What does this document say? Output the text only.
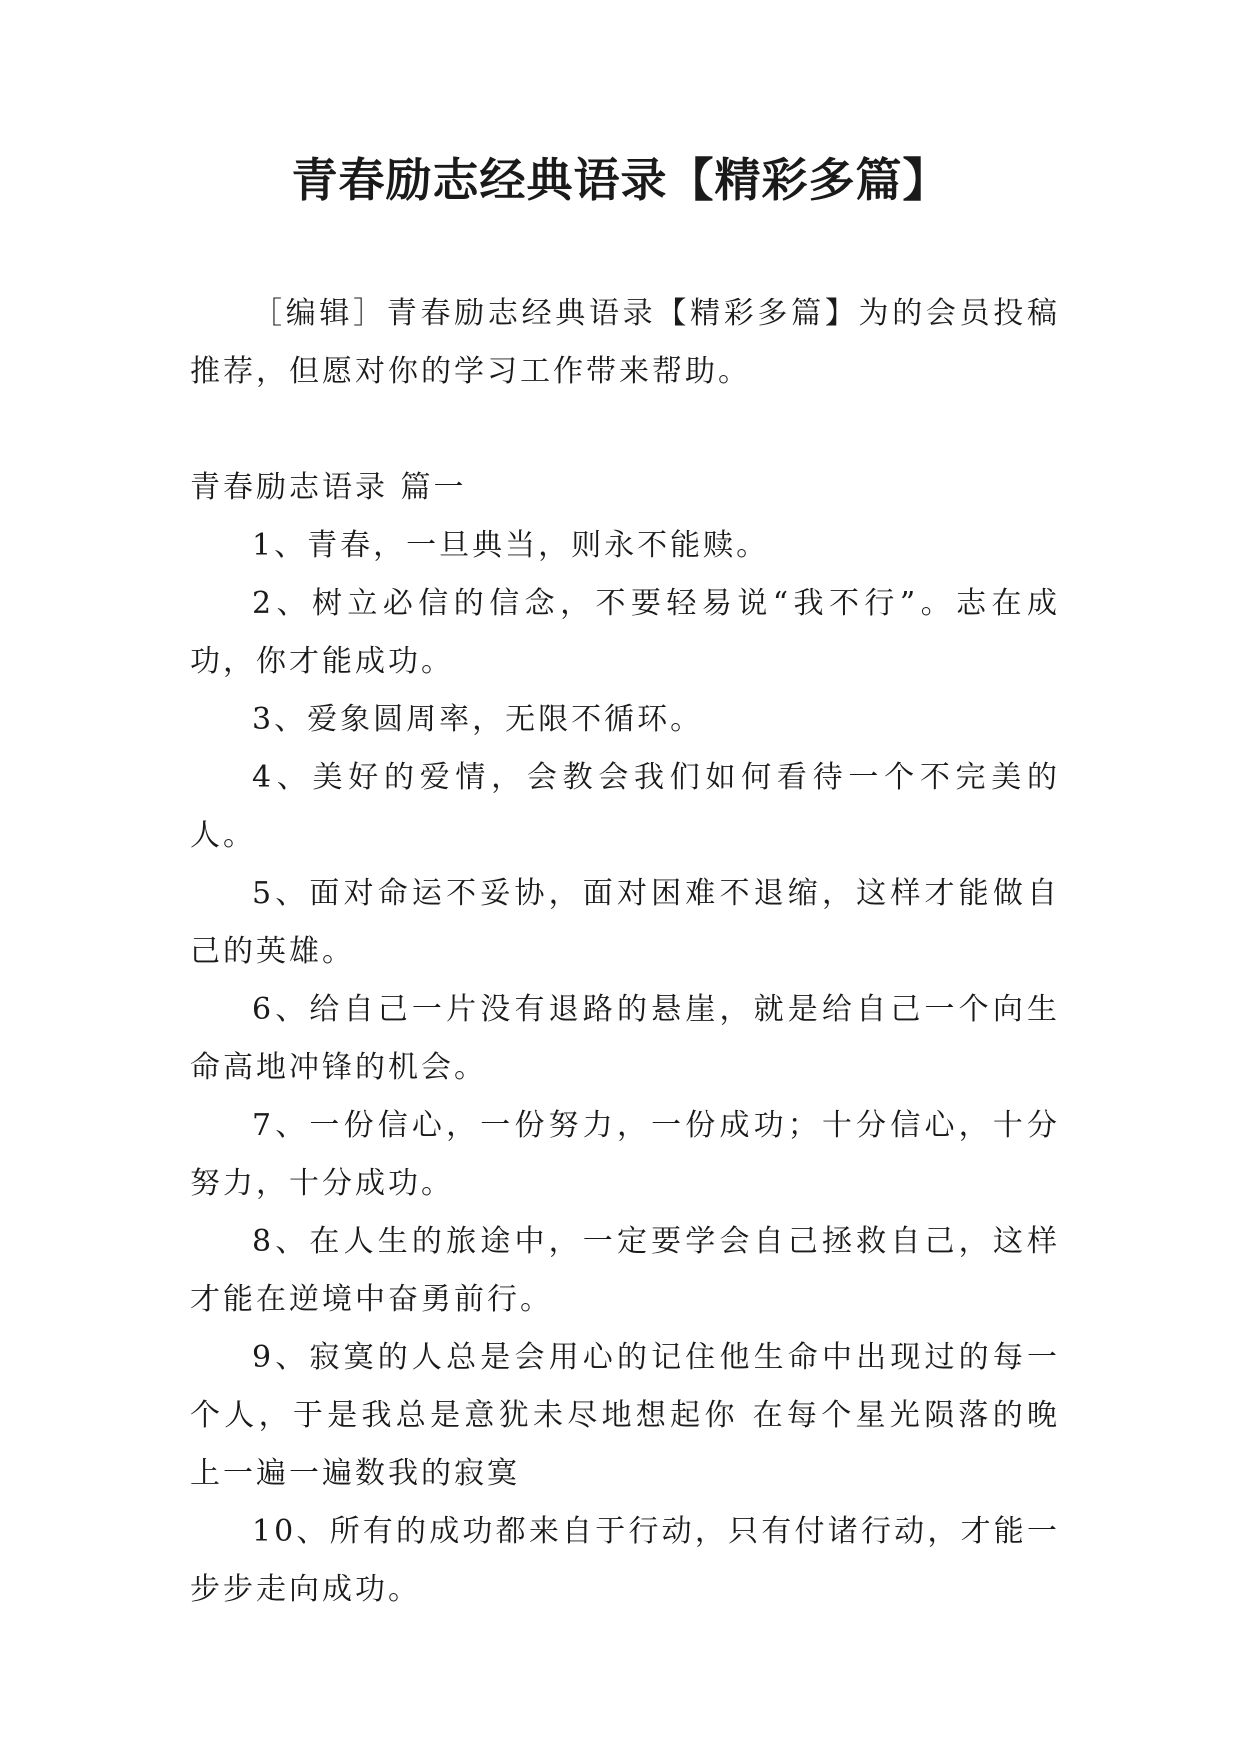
青春励志经典语录【精彩多篇】

［编辑］青春励志经典语录【精彩多篇】为的会员投稿推荐，但愿对你的学习工作带来帮助。

青春励志语录 篇一

1、青春，一旦典当，则永不能赎。

2、树立必信的信念，不要轻易说“我不行”。志在成功，你才能成功。

3、爱象圆周率，无限不循环。

4、美好的爱情，会教会我们如何看待一个不完美的人。

5、面对命运不妥协，面对困难不退缩，这样才能做自己的英雄。

6、给自己一片没有退路的悬崖，就是给自己一个向生命高地冲锋的机会。

7、一份信心，一份努力，一份成功；十分信心，十分努力，十分成功。

8、在人生的旅途中，一定要学会自己拯救自己，这样才能在逆境中奋勇前行。

9、寂寞的人总是会用心的记住他生命中出现过的每一个人，于是我总是意犹未尽地想起你 在每个星光陨落的晚上一遍一遍数我的寂寞

10、所有的成功都来自于行动，只有付诸行动，才能一步步走向成功。
